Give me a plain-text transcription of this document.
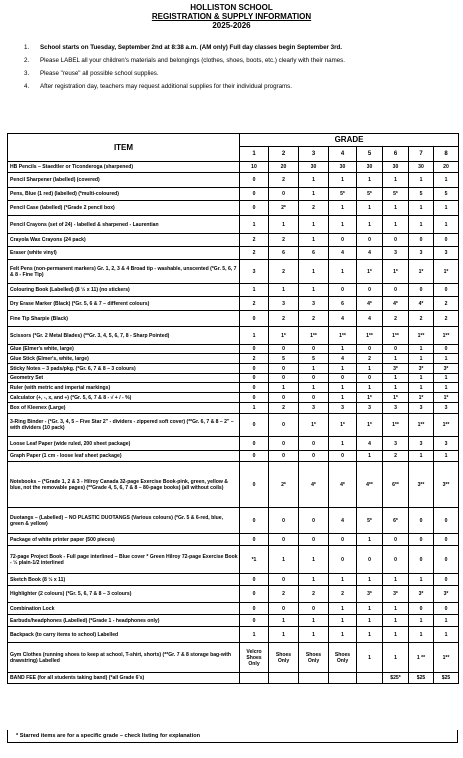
HOLLISTON SCHOOL
REGISTRATION & SUPPLY INFORMATION
2025-2026
1. School starts on Tuesday, September 2nd at 8:38 a.m. (AM only) Full day classes begin September 3rd.
2. Please LABEL all your children's materials and belongings (clothes, shoes, boots, etc.) clearly with their names.
3. Please "reuse" all possible school supplies.
4. After registration day, teachers may request additional supplies for their individual programs.
ITEM	GRADE							
	1	2	3	4	5	6	7	8
HB Pencils – Staedtler or Ticonderoga (sharpened)	10	20	30	30	30	30	30	20
Pencil Sharpener (labelled) (covered)	0	2	1	1	1	1	1	1
Pens, Blue (1 red) (labelled) (*multi-coloured)	0	0	1	5*	5*	5*	5	5
Pencil Case (labelled) (*Grade 2 pencil box)	0	2*	2	1	1	1	1	1
Pencil Crayons (set of 24) - labelled & sharpened - Laurentian	1	1	1	1	1	1	1	1
Crayola Wax Crayons (24 pack)	2	2	1	0	0	0	0	0
Eraser (white vinyl)	2	6	6	4	4	3	3	3
Felt Pens (non-permanent markers) Gr. 1, 2, 3 & 4 Broad tip - washable, unscented (*Gr. 5, 6, 7 & 8 - Fine Tip)	3	2	1	1	1*	1*	1*	1*
Colouring Book (Labelled) (8 ½ x 11) (no stickers)	1	1	1	0	0	0	0	0
Dry Erase Marker (Black) (*Gr. 5, 6 & 7 – different colours)	2	3	3	6	4*	4*	4*	2
Fine Tip Sharpie (Black)	0	2	2	4	4	2	2	2
Scissors (*Gr. 2 Metal Blades) (**Gr. 3, 4, 5, 6, 7, 8 - Sharp Pointed)	1	1*	1**	1**	1**	1**	1**	1**
Glue (Elmer's white, large)	0	0	0	1	0	0	1	0
Glue Stick (Elmer's, white, large)	2	5	5	4	2	1	1	1
Sticky Notes – 3 pads/pkg. (*Gr. 6, 7 & 8 – 3 colours)	0	0	1	1	1	3*	3*	3*
Geometry Set	0	0	0	0	0	1	1	1
Ruler (with metric and imperial markings)	0	1	1	1	1	1	1	1
Calculator (+, -, x, and ÷) (*Gr. 5, 6, 7 & 8 - √ + / - %)	0	0	0	1	1*	1*	1*	1*
Box of Kleenex (Large)	1	2	3	3	3	3	3	3
3-Ring Binder - (*Gr. 3, 4, 5 – Five Star 2" - dividers - zippered soft cover) (**Gr. 6, 7 & 8 – 2" – with dividers (10 pack)	0	0	1*	1*	1*	1**	1**	1**
Loose Leaf Paper (wide ruled, 200 sheet package)	0	0	0	1	4	3	3	3
Graph Paper (1 cm - loose leaf sheet package)	0	0	0	0	1	2	1	1
Notebooks – (*Grade 1, 2 & 3 - Hilroy Canada 32-page Exercise Book-pink, green, yellow & blue, not the removable pages) (**Grade 4, 5, 6, 7 & 8 – 80-page books) (all without coils)	0	2*	4*	4*	4**	6**	3**	3**
Duotangs – (Labelled) – NO PLASTIC DUOTANGS (Various colours) (*Gr. 5 & 6-red, blue, green & yellow)	0	0	0	4	5*	6*	0	0
Package of white printer paper (500 pieces)	0	0	0	0	1	0	0	0
72-page Project Book - Full page interlined – Blue cover * Green Hilroy 72-page Exercise Book - ½ plain-1/2 interlined	*1	1	1	0	0	0	0	0
Sketch Book (8 ½ x 11)	0	0	1	1	1	1	1	0
Highlighter (2 colours) (*Gr. 5, 6, 7 & 8 – 3 colours)	0	2	2	2	3*	3*	3*	3*
Combination Lock	0	0	0	1	1	1	0	0
Earbuds/headphones (Labelled) (*Grade 1 - headphones only)	0	1	1	1	1	1	1	1
Backpack (to carry items to school) Labelled	1	1	1	1	1	1	1	1
Gym Clothes (running shoes to keep at school, T-shirt, shorts) (**Gr. 7 & 8 storage bag-with drawstring) Labelled	Velcro Shoes Only	Shoes Only	Shoes Only	Shoes Only	1	1	1 **	1**
BAND FEE (for all students taking band) (*all Grade 6's)						$25*	$25	$25
* Starred items are for a specific grade – check listing for explanation
